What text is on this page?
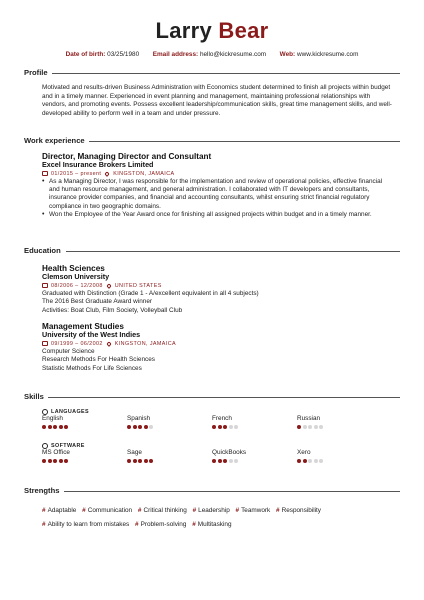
Larry Bear
Date of birth: 03/25/1980 Email address: hello@kickresume.com Web: www.kickresume.com
Profile
Motivated and results-driven Business Administration with Economics student determined to finish all projects within budget and in a timely manner. Experienced in event planning and management, maintaining professional relationships with vendors, and promoting events. Possess excellent leadership/communication skills, great time management skills, and well-developed ability to perform well in a team and under pressure.
Work experience
Director, Managing Director and Consultant
Excel Insurance Brokers Limited
01/2015 – present KINGSTON, JAMAICA
• As a Managing Director, I was responsible for the implementation and review of operational policies, effective financial and human resource management, and general administration. I collaborated with IT developers and consultants, insurance provider companies, and financial and accounting consultants, whilst ensuring strict financial regulatory compliance in two geographic domains.
• Won the Employee of the Year Award once for finishing all assigned projects within budget and in a timely manner.
Education
Health Sciences
Clemson University
08/2006 – 12/2008 UNITED STATES
Graduated with Distinction (Grade 1 - A/excellent equivalent in all 4 subjects)
The 2016 Best Graduate Award winner
Activities: Boat Club, Film Society, Volleyball Club
Management Studies
University of the West Indies
09/1999 – 06/2002 KINGSTON, JAMAICA
Computer Science
Research Methods For Health Sciences
Statistic Methods For Life Sciences
Skills
LANGUAGES
English	Spanish	French	Russian
SOFTWARE
MS Office	Sage	QuickBooks	Xero
Strengths
# Adaptable # Communication # Critical thinking # Leadership # Teamwork # Responsibility # Ability to learn from mistakes # Problem-solving # Multitasking
